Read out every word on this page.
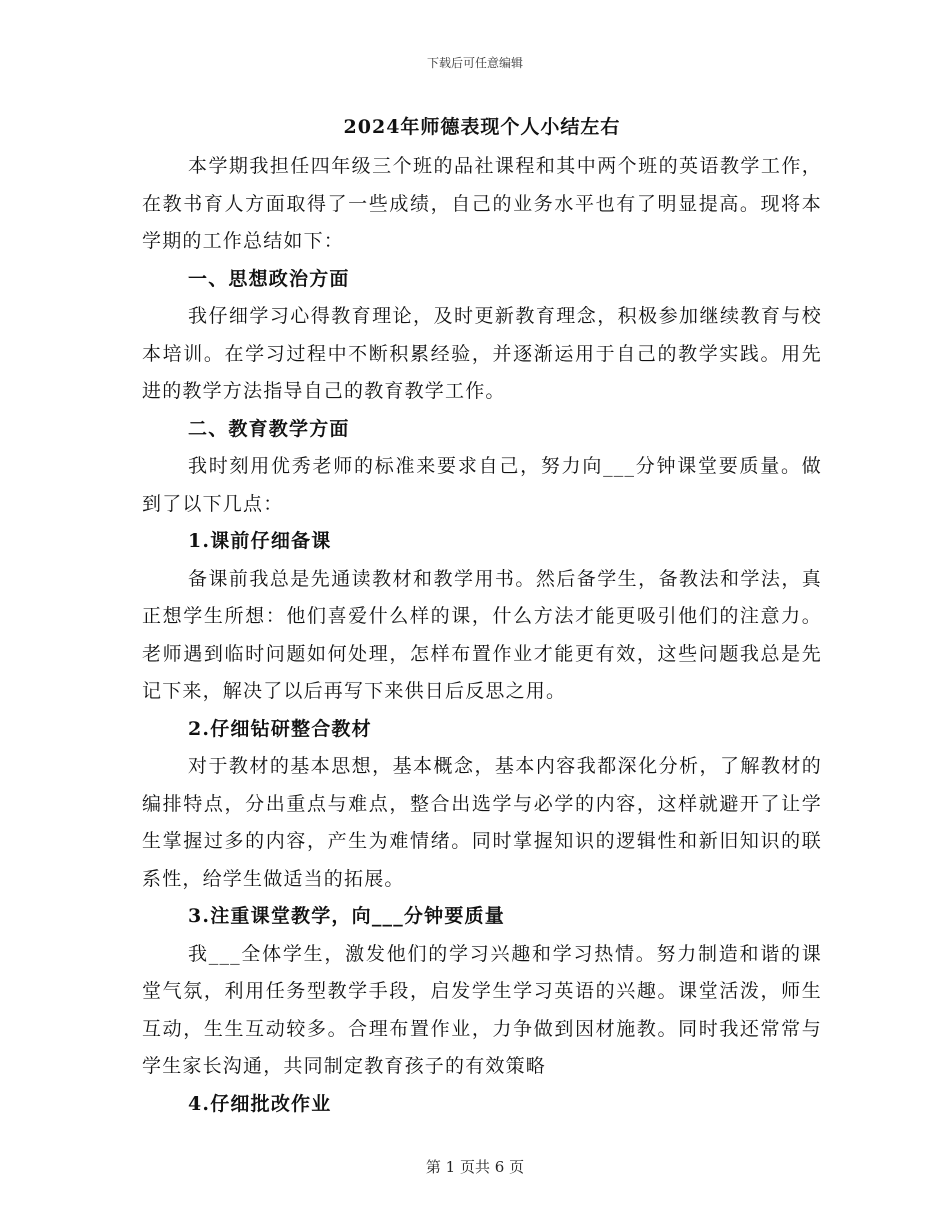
下载后可任意编辑
2024年师德表现个人小结左右

本学期我担任四年级三个班的品社课程和其中两个班的英语教学工作，在教书育人方面取得了一些成绩，自己的业务水平也有了明显提高。现将本学期的工作总结如下：

一、思想政治方面

我仔细学习心得教育理论，及时更新教育理念，积极参加继续教育与校本培训。在学习过程中不断积累经验，并逐渐运用于自己的教学实践。用先进的教学方法指导自己的教育教学工作。

二、教育教学方面

我时刻用优秀老师的标准来要求自己，努力向___分钟课堂要质量。做到了以下几点：

1.课前仔细备课

备课前我总是先通读教材和教学用书。然后备学生，备教法和学法，真正想学生所想：他们喜爱什么样的课，什么方法才能更吸引他们的注意力。老师遇到临时问题如何处理，怎样布置作业才能更有效，这些问题我总是先记下来，解决了以后再写下来供日后反思之用。

2.仔细钻研整合教材

对于教材的基本思想，基本概念，基本内容我都深化分析，了解教材的编排特点，分出重点与难点，整合出选学与必学的内容，这样就避开了让学生掌握过多的内容，产生为难情绪。同时掌握知识的逻辑性和新旧知识的联系性，给学生做适当的拓展。

3.注重课堂教学，向___分钟要质量

我___全体学生，激发他们的学习兴趣和学习热情。努力制造和谐的课堂气氛，利用任务型教学手段，启发学生学习英语的兴趣。课堂活泼，师生互动，生生互动较多。合理布置作业，力争做到因材施教。同时我还常常与学生家长沟通，共同制定教育孩子的有效策略

4.仔细批改作业

第 1 页共 6 页
